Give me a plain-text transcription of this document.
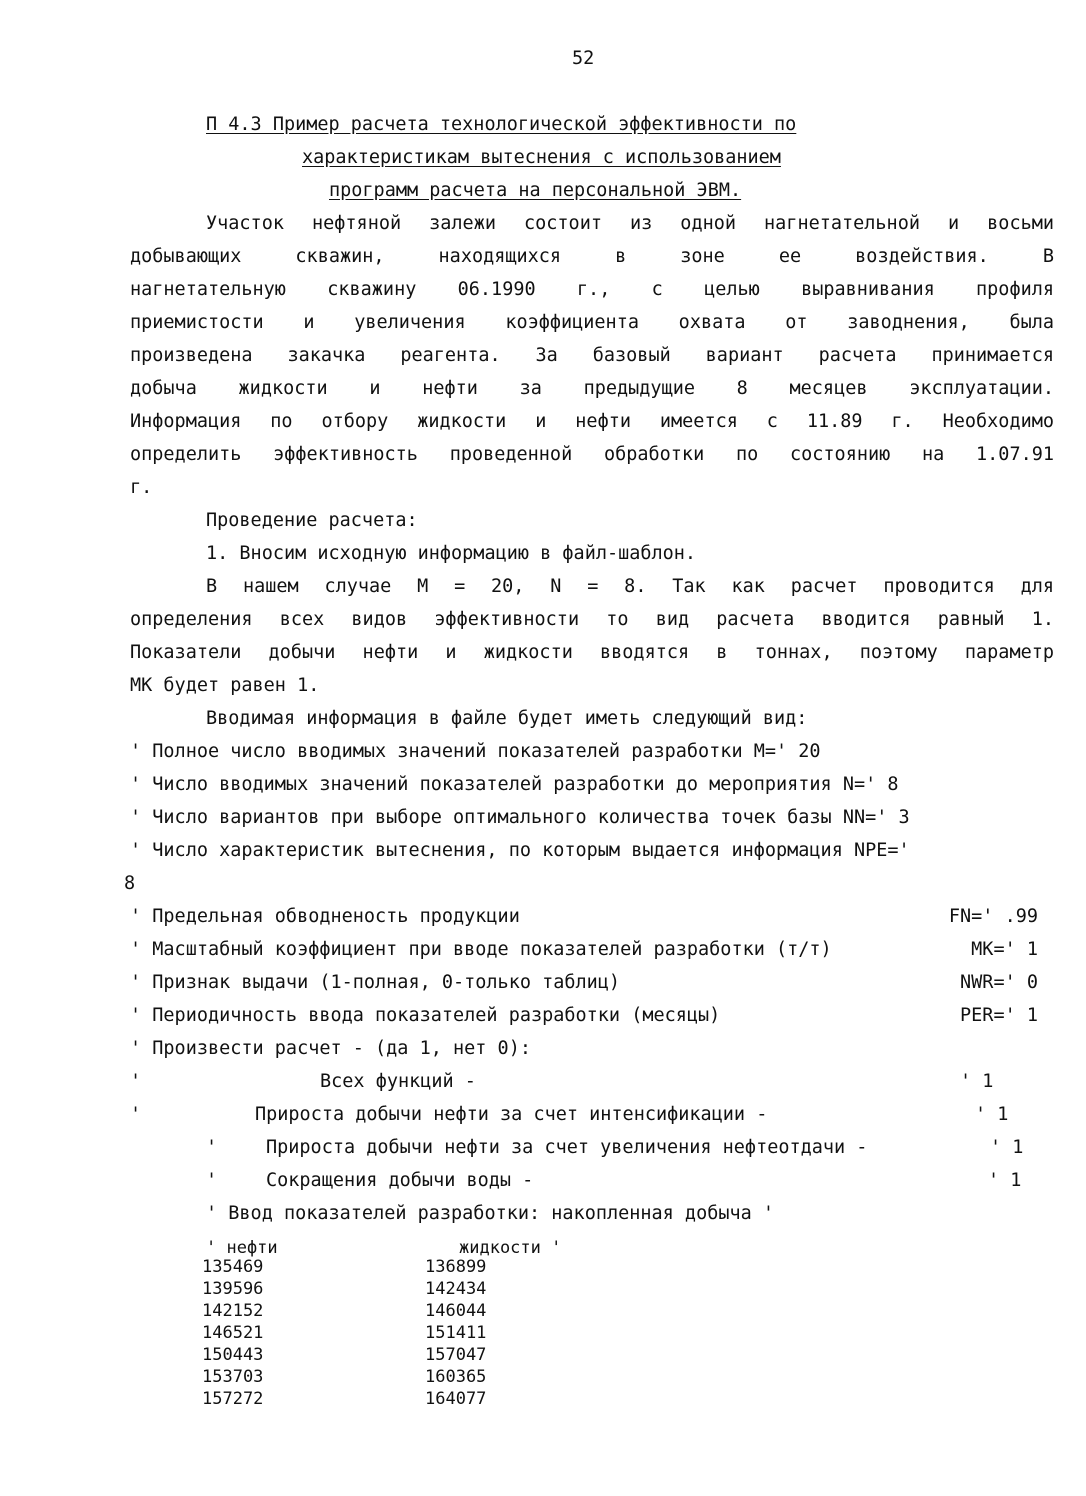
52
П 4.3 Пример расчета технологической эффективности по
характеристикам вытеснения с использованием
программ расчета на персональной ЭВМ.
Участок нефтяной залежи состоит из одной нагнетательной и восьми
добывающих скважин, находящихся в зоне ее воздействия. В
нагнетательную скважину 06.1990 г., с целью выравнивания профиля
приемистости и увеличения коэффициента охвата от заводнения, была
произведена закачка реагента. За базовый вариант расчета принимается
добыча жидкости и нефти за предыдущие 8 месяцев эксплуатации.
Информация по отбору жидкости и нефти имеется с 11.89 г. Необходимо
определить эффективность проведенной обработки по состоянию на 1.07.91
г.
Проведение расчета:
1. Вносим исходную информацию в файл-шаблон.
В нашем случае M = 20, N = 8. Так как расчет проводится для
определения всех видов эффективности то вид расчета вводится равный 1.
Показатели добычи нефти и жидкости вводятся в тоннах, поэтому параметр
МК будет равен 1.
Вводимая информация в файле будет иметь следующий вид:
' Полное число вводимых значений показателей разработки M=' 20
' Число вводимых значений показателей разработки до мероприятия N=' 8
' Число вариантов при выборе оптимального количества точек базы NN=' 3
' Число характеристик вытеснения, по которым выдается информация NPE='
8
' Предельная обводненость продукции	FN=' .99
' Масштабный коэффициент при вводе показателей разработки (т/т)	MK=' 1
' Признак выдачи (1-полная, 0-только таблиц)	NWR=' 0
' Периодичность ввода показателей разработки (месяцы)	PER=' 1
' Произвести расчет - (да 1, нет 0):
'	Всех функций -	' 1
'	Прироста добычи нефти за счет интенсификации -	' 1
'	Прироста добычи нефти за счет увеличения нефтеотдачи -	' 1
'	Сокращения добычи воды -	' 1
' Ввод показателей разработки: накопленная добыча '
' нефти	жидкости '
135469	136899
139596	142434
142152	146044
146521	151411
150443	157047
153703	160365
157272	164077
